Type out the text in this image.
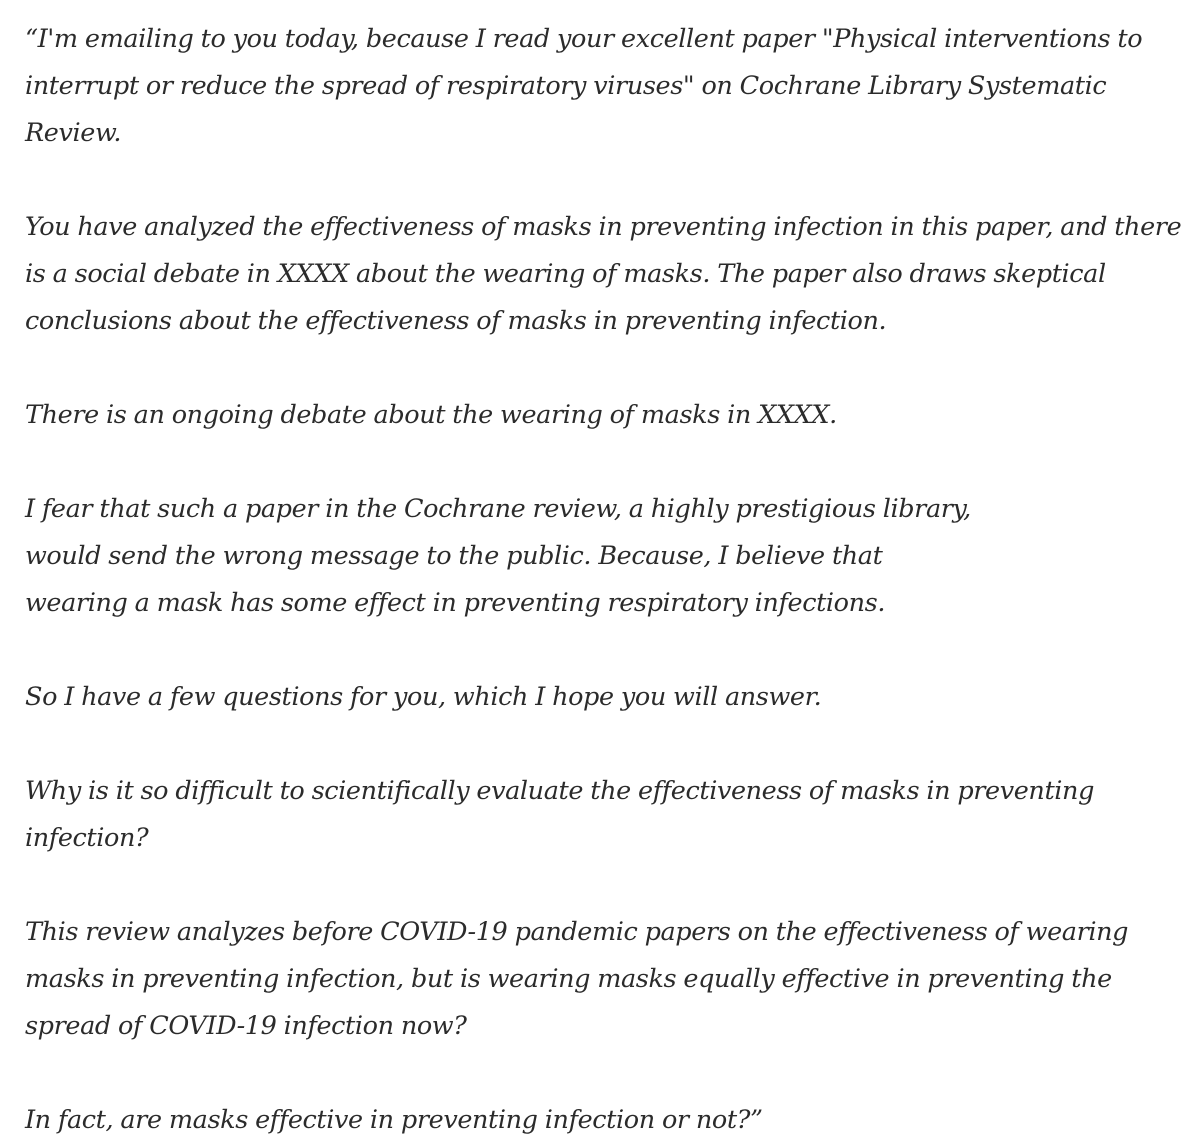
“I'm emailing to you today, because I read your excellent paper "Physical interventions to interrupt or reduce the spread of respiratory viruses" on Cochrane Library Systematic Review.

You have analyzed the effectiveness of masks in preventing infection in this paper, and there is a social debate in XXXX about the wearing of masks. The paper also draws skeptical conclusions about the effectiveness of masks in preventing infection.

There is an ongoing debate about the wearing of masks in XXXX.

I fear that such a paper in the Cochrane review, a highly prestigious library, would send the wrong message to the public. Because, I believe that wearing a mask has some effect in preventing respiratory infections.

So I have a few questions for you, which I hope you will answer.

Why is it so difficult to scientifically evaluate the effectiveness of masks in preventing infection?

This review analyzes before COVID-19 pandemic papers on the effectiveness of wearing masks in preventing infection, but is wearing masks equally effective in preventing the spread of COVID-19 infection now?

In fact, are masks effective in preventing infection or not?”
